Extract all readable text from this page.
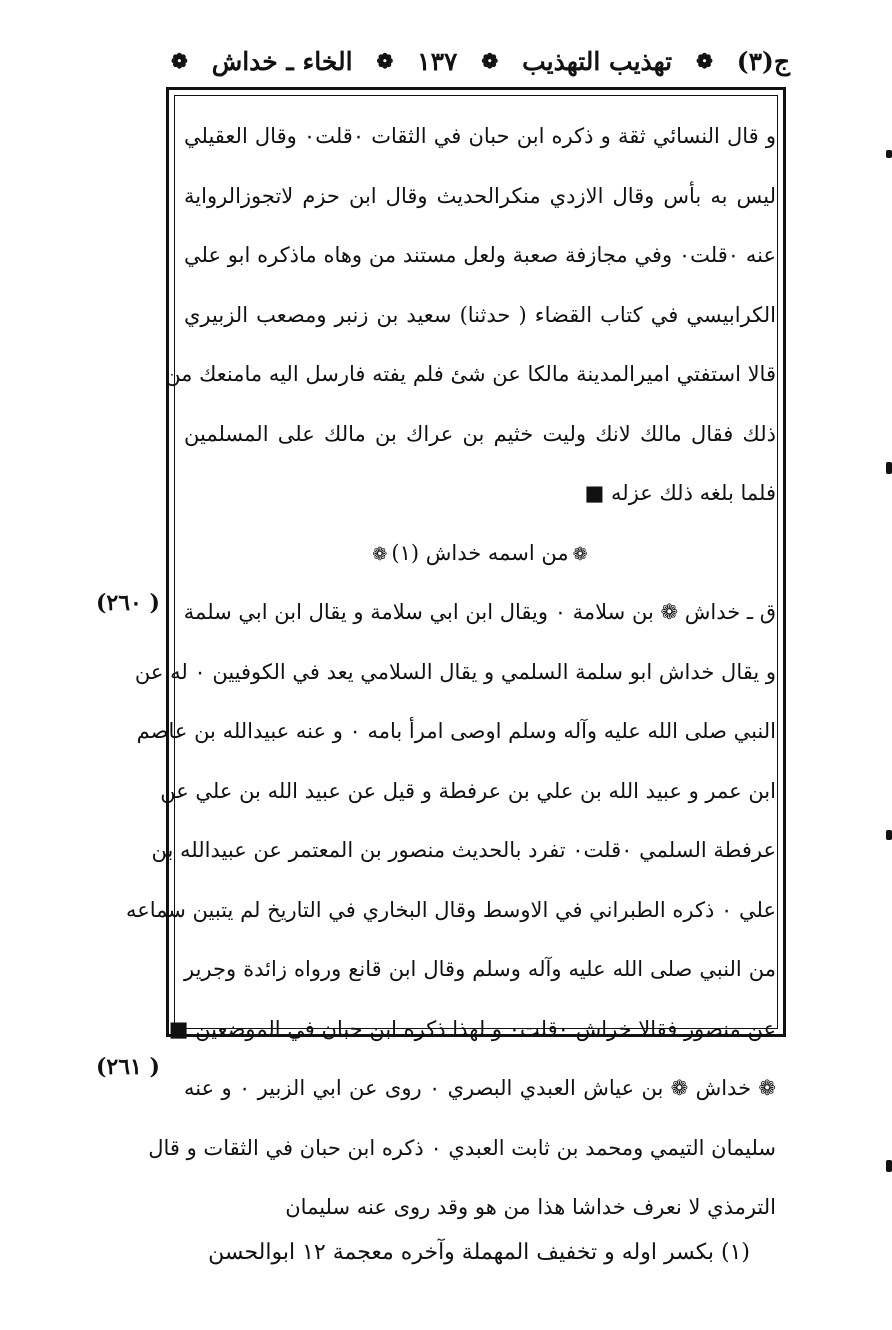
ج(٣)
❁
تهذيب التهذيب
❁
١٣٧
❁
الخاء ـ خداش
❁
و قال النسائي ثقة و ذكره ابن حبان في الثقات ٠قلت٠ وقال العقيلي
ليس به بأس وقال الازدي منكرالحديث وقال ابن حزم لاتجوزالرواية
عنه ٠قلت٠ وفي مجازفة صعبة ولعل مستند من وهاه ماذكره ابو علي
الكرابيسي في كتاب القضاء ( حدثنا) سعيد بن زنبر ومصعب الزبيري
قالا استفتي اميرالمدينة مالكا عن شئ فلم يفته فارسل اليه مامنعك من
ذلك فقال مالك لانك وليت خثيم بن عراك بن مالك على المسلمين
فلما بلغه ذلك عزله ■
❁من اسمه خداش (١)❁
ق ـ خداش ❁ بن سلامة ٠ ويقال ابن ابي سلامة و يقال ابن ابي سلمة
و يقال خداش ابو سلمة السلمي و يقال السلامي يعد في الكوفيين ٠ له عن
النبي صلى الله عليه وآله وسلم اوصى امرأ بامه ٠ و عنه عبيدالله بن عاصم
ابن عمر و عبيد الله بن علي بن عرفطة و قيل عن عبيد الله بن علي عن
عرفطة السلمي ٠قلت٠ تفرد بالحديث منصور بن المعتمر عن عبيدالله بن
علي ٠ ذكره الطبراني في الاوسط وقال البخاري في التاريخ لم يتبين سماعه
من النبي صلى الله عليه وآله وسلم وقال ابن قانع ورواه زائدة وجرير
عن منصور فقالا خراش ٠قلت٠ و لهذا ذكره ابن حبان في الموضعين ■
❁ خداش ❁ بن عياش العبدي البصري ٠ روى عن ابي الزبير ٠ و عنه
سليمان التيمي ومحمد بن ثابت العبدي ٠ ذكره ابن حبان في الثقات و قال
الترمذي لا نعرف خداشا هذا من هو وقد روى عنه سليمان
( ٢٦٠)
( ٢٦١)
(١) بكسر اوله و تخفيف المهملة وآخره معجمة ١٢ ابوالحسن
